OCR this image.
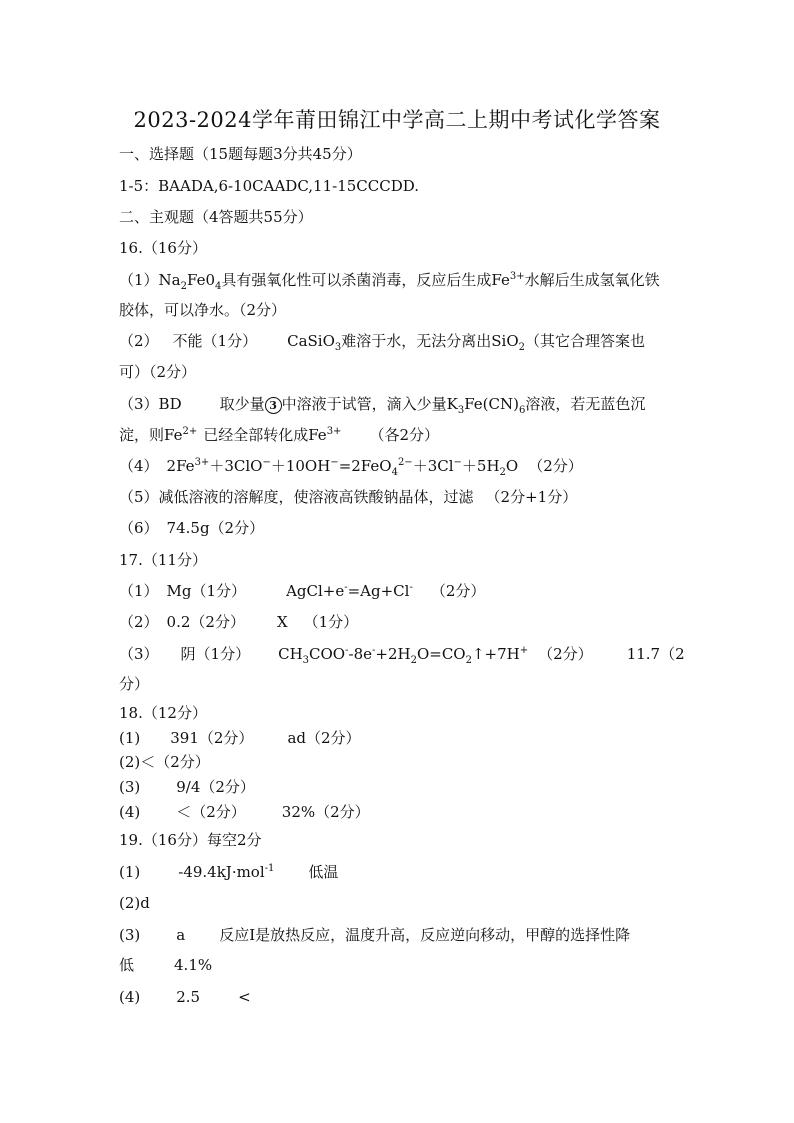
2023-2024学年莆田锦江中学高二上期中考试化学答案
一、选择题（15题每题3分共45分）
1-5：BAADA,6-10CAADC,11-15CCCDD.
二、主观题（4答题共55分）
16.（16分）
$(1)Na_2Fe0_4$具有强氧化性可以杀菌消毒，反应后生成$Fe^{3+}$水解后生成氢氧化铁
胶体，可以净水。（2分）
（2） 不能（1分） CaSiO$_3$难溶于水，无法分离出SiO$_2$（其它合理答案也
可）（2分）
（3）BD	取少量 3 中溶液于试管，滴入少量$K_3Fe(CN)_6$溶液，若无蓝色沉
淀，则$Fe^{2+}$ 已经全部转化成$Fe^{3+}$ （各2分）
（4） $2Fe^{3+}+3ClO^-+10OH^-=2FeO_4^{2-}+3Cl^-+5H_2O$ （2分）
（5）减低溶液的溶解度，使溶液高铁酸钠晶体，过滤 （2分+1分）
（6） 74.5g（2分）
17.（11分）
（1） Mg（1分）	AgCl+e-=Ag+Cl- （2分）
（2） 0.2（2分） X （1分）
（3） 阴（1分） $CH_3COO^--8e^-+2H_2O=CO_2↑+7H^+$ （2分） 11.7（2
分）
18.（12分）
(1) 391（2分） ad（2分）
(2)＜（2分）
(3) 9/4（2分）
(4) ＜（2分） 32%（2分）
19.（16分）每空2分
(1)	-49.4kJ·mol$^{-1}$ 低温
(2)d
(3) a 反应Ⅰ是放热反应，温度升高，反应逆向移动，甲醇的选择性降
低	4.1%
(4) 2.5	<
